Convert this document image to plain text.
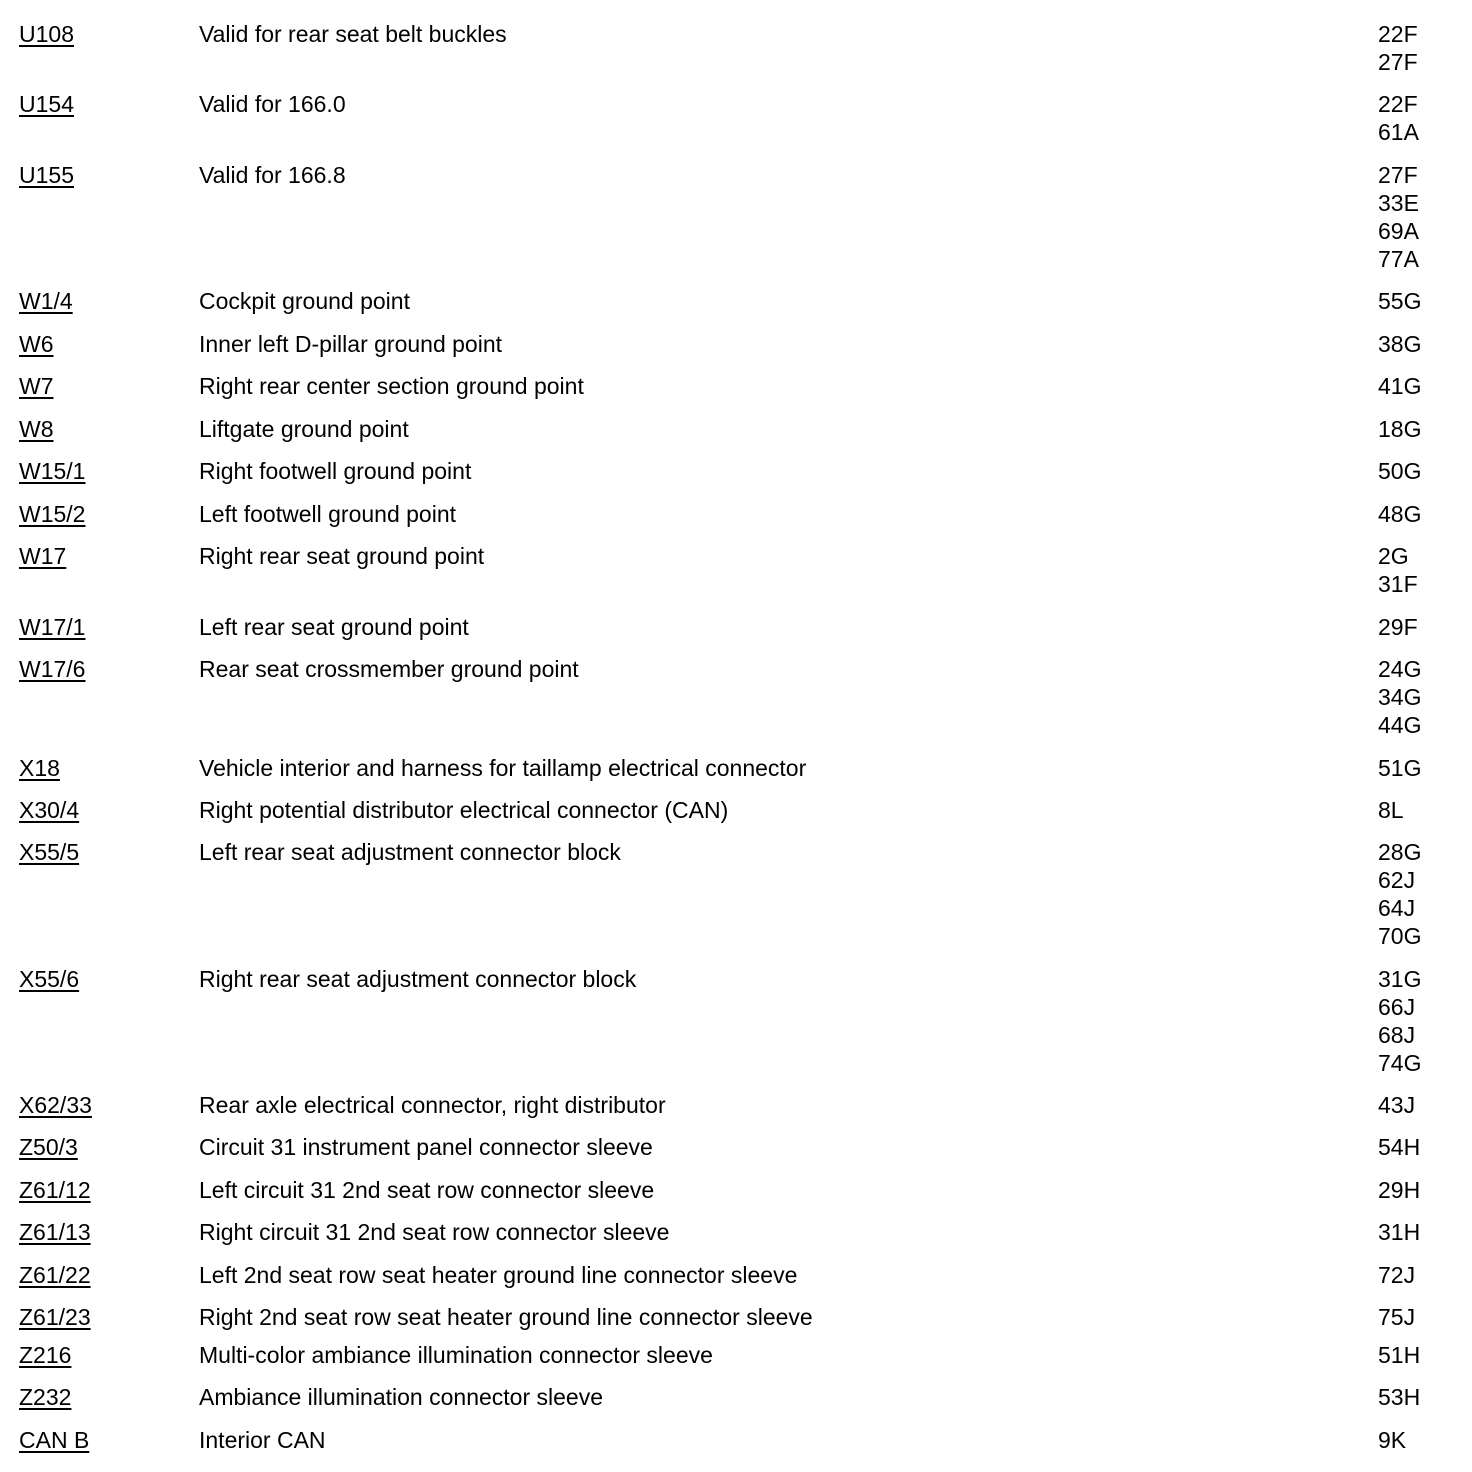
U108	Valid for rear seat belt buckles	22F
27F
U154	Valid for 166.0	22F
61A
U155	Valid for 166.8	27F
33E
69A
77A
W1/4	Cockpit ground point	55G
W6	Inner left D-pillar ground point	38G
W7	Right rear center section ground point	41G
W8	Liftgate ground point	18G
W15/1	Right footwell ground point	50G
W15/2	Left footwell ground point	48G
W17	Right rear seat ground point	2G
31F
W17/1	Left rear seat ground point	29F
W17/6	Rear seat crossmember ground point	24G
34G
44G
X18	Vehicle interior and harness for taillamp electrical connector	51G
X30/4	Right potential distributor electrical connector (CAN)	8L
X55/5	Left rear seat adjustment connector block	28G
62J
64J
70G
X55/6	Right rear seat adjustment connector block	31G
66J
68J
74G
X62/33	Rear axle electrical connector, right distributor	43J
Z50/3	Circuit 31 instrument panel connector sleeve	54H
Z61/12	Left circuit 31 2nd seat row connector sleeve	29H
Z61/13	Right circuit 31 2nd seat row connector sleeve	31H
Z61/22	Left 2nd seat row seat heater ground line connector sleeve	72J
Z61/23	Right 2nd seat row seat heater ground line connector sleeve	75J
Z216	Multi-color ambiance illumination connector sleeve	51H
Z232	Ambiance illumination connector sleeve	53H
CAN B	Interior CAN	9K
